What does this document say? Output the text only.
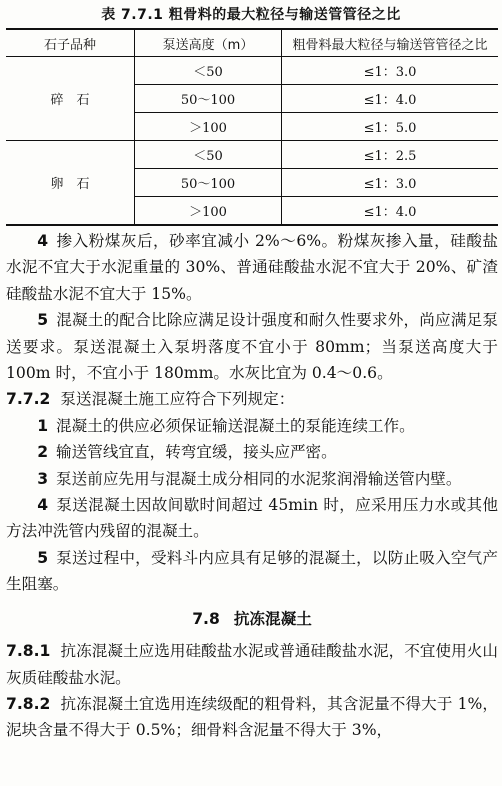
表 7.7.1 粗骨料的最大粒径与输送管管径之比
石子品种	泵送高度（m）	粗骨料最大粒径与输送管管径之比
碎　石	＜50	≤1：3.0
	50～100	≤1：4.0
	＞100	≤1：5.0
卵　石	＜50	≤1：2.5
	50～100	≤1：3.0
	＞100	≤1：4.0

4 掺入粉煤灰后，砂率宜减小 2%～6%。粉煤灰掺入量，硅酸盐水泥不宜大于水泥重量的 30%、普通硅酸盐水泥不宜大于 20%、矿渣硅酸盐水泥不宜大于 15%。

5 混凝土的配合比除应满足设计强度和耐久性要求外，尚应满足泵送要求。泵送混凝土入泵坍落度不宜小于 80mm；当泵送高度大于 100m 时，不宜小于 180mm。水灰比宜为 0.4～0.6。

7.7.2 泵送混凝土施工应符合下列规定：

1 混凝土的供应必须保证输送混凝土的泵能连续工作。

2 输送管线宜直，转弯宜缓，接头应严密。

3 泵送前应先用与混凝土成分相同的水泥浆润滑输送管内壁。

4 泵送混凝土因故间歇时间超过 45min 时，应采用压力水或其他方法冲洗管内残留的混凝土。

5 泵送过程中，受料斗内应具有足够的混凝土，以防止吸入空气产生阻塞。

7.8 抗冻混凝土

7.8.1 抗冻混凝土应选用硅酸盐水泥或普通硅酸盐水泥，不宜使用火山灰质硅酸盐水泥。

7.8.2 抗冻混凝土宜选用连续级配的粗骨料，其含泥量不得大于 1%，泥块含量不得大于 0.5%；细骨料含泥量不得大于 3%，
